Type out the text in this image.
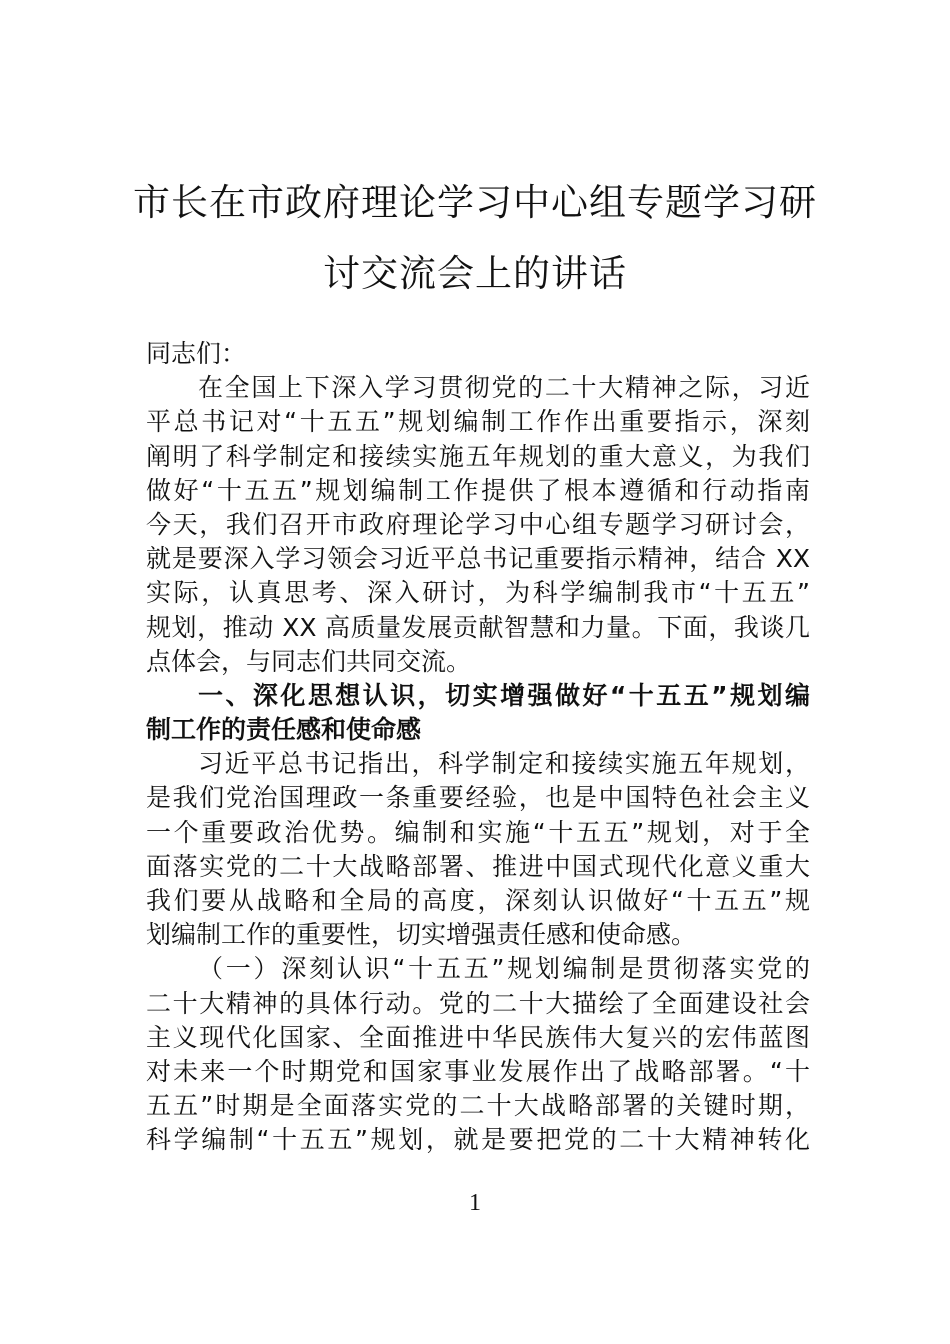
市长在市政府理论学习中心组专题学习研
讨交流会上的讲话
同志们：
在全国上下深入学习贯彻党的二十大精神之际，习近
平总书记对“十五五”规划编制工作作出重要指示，深刻
阐明了科学制定和接续实施五年规划的重大意义，为我们
做好“十五五”规划编制工作提供了根本遵循和行动指南
今天，我们召开市政府理论学习中心组专题学习研讨会，
就是要深入学习领会习近平总书记重要指示精神，结合 XX
实际，认真思考、深入研讨，为科学编制我市“十五五”
规划，推动 XX 高质量发展贡献智慧和力量。下面，我谈几
点体会，与同志们共同交流。
一、深化思想认识，切实增强做好“十五五”规划编
制工作的责任感和使命感
习近平总书记指出，科学制定和接续实施五年规划，
是我们党治国理政一条重要经验，也是中国特色社会主义
一个重要政治优势。编制和实施“十五五”规划，对于全
面落实党的二十大战略部署、推进中国式现代化意义重大
我们要从战略和全局的高度，深刻认识做好“十五五”规
划编制工作的重要性，切实增强责任感和使命感。
（一）深刻认识“十五五”规划编制是贯彻落实党的
二十大精神的具体行动。党的二十大描绘了全面建设社会
主义现代化国家、全面推进中华民族伟大复兴的宏伟蓝图
对未来一个时期党和国家事业发展作出了战略部署。“十
五五”时期是全面落实党的二十大战略部署的关键时期，
科学编制“十五五”规划，就是要把党的二十大精神转化
1
